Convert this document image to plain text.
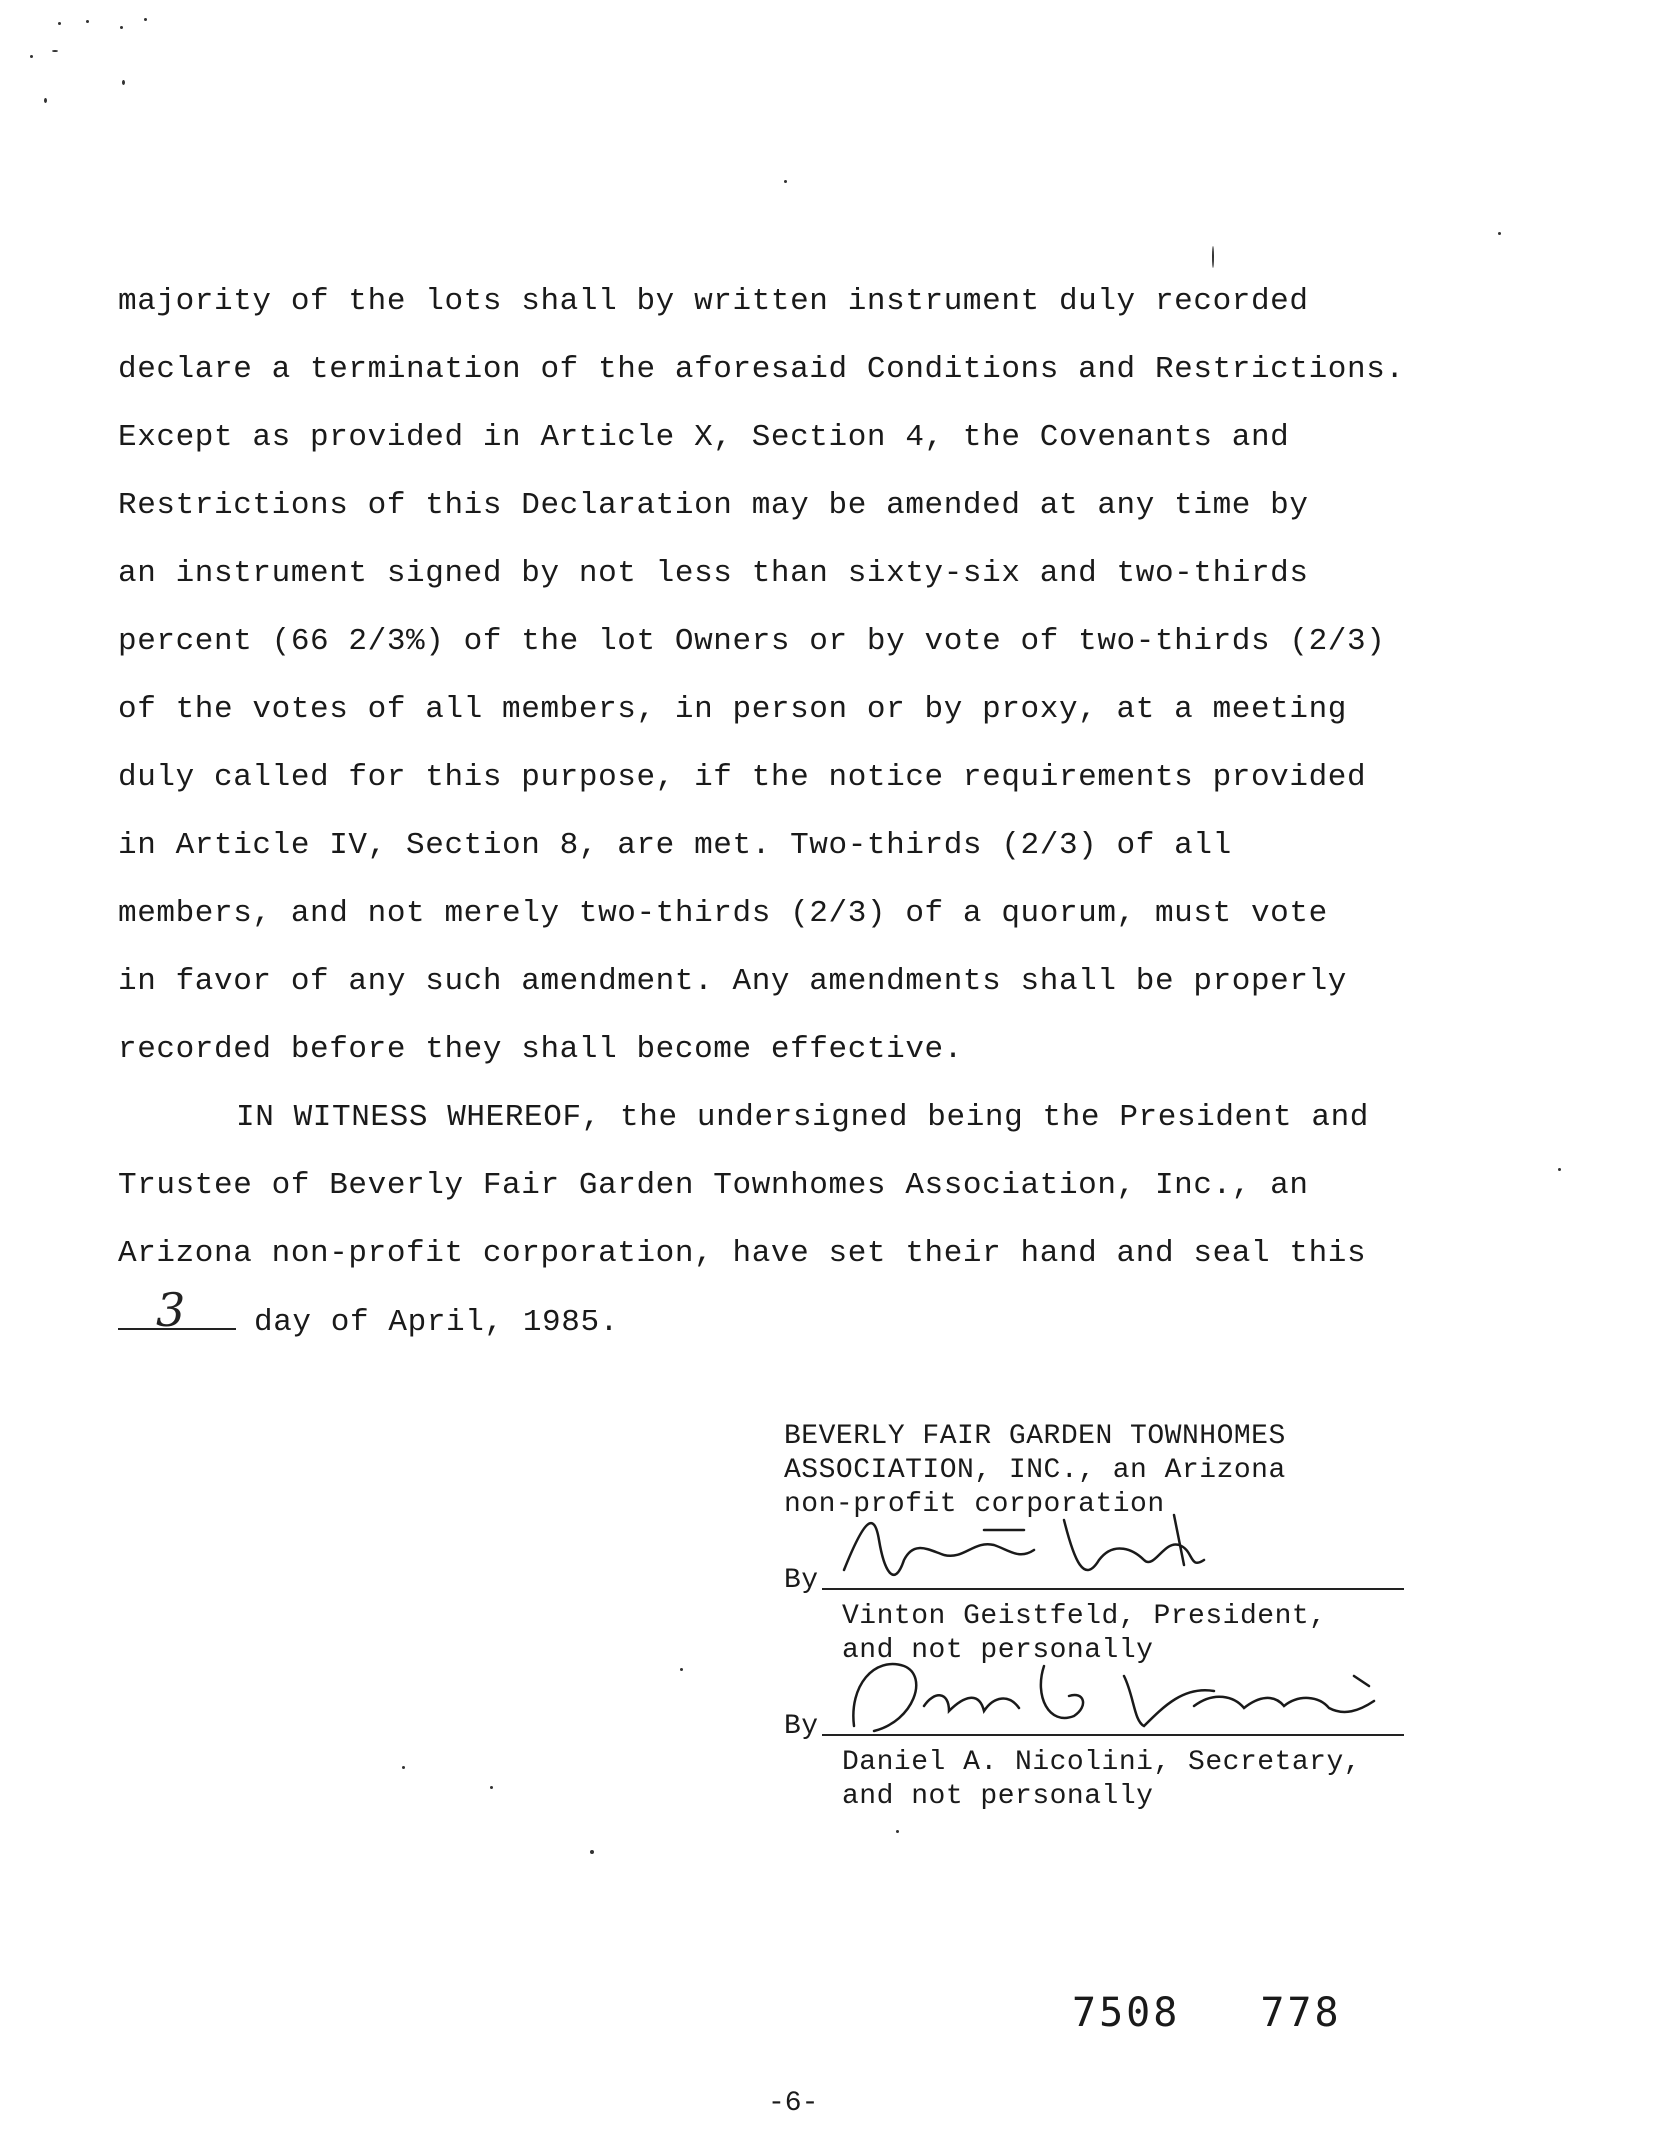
majority of the lots shall by written instrument duly recorded
declare a termination of the aforesaid Conditions and Restrictions.
Except as provided in Article X, Section 4, the Covenants and
Restrictions of this Declaration may be amended at any time by
an instrument signed by not less than sixty-six and two-thirds
percent (66 2/3%) of the lot Owners or by vote of two-thirds (2/3)
of the votes of all members, in person or by proxy, at a meeting
duly called for this purpose, if the notice requirements provided
in Article IV, Section 8, are met. Two-thirds (2/3) of all
members, and not merely two-thirds (2/3) of a quorum, must vote
in favor of any such amendment. Any amendments shall be properly
recorded before they shall become effective.
IN WITNESS WHEREOF, the undersigned being the President and
Trustee of Beverly Fair Garden Townhomes Association, Inc., an
Arizona non-profit corporation, have set their hand and seal this
3 day of April, 1985.
BEVERLY FAIR GARDEN TOWNHOMES
ASSOCIATION, INC., an Arizona
non-profit corporation
By
Vinton Geistfeld, President,
and not personally
By
Daniel A. Nicolini, Secretary,
and not personally
7508 778
-6-
